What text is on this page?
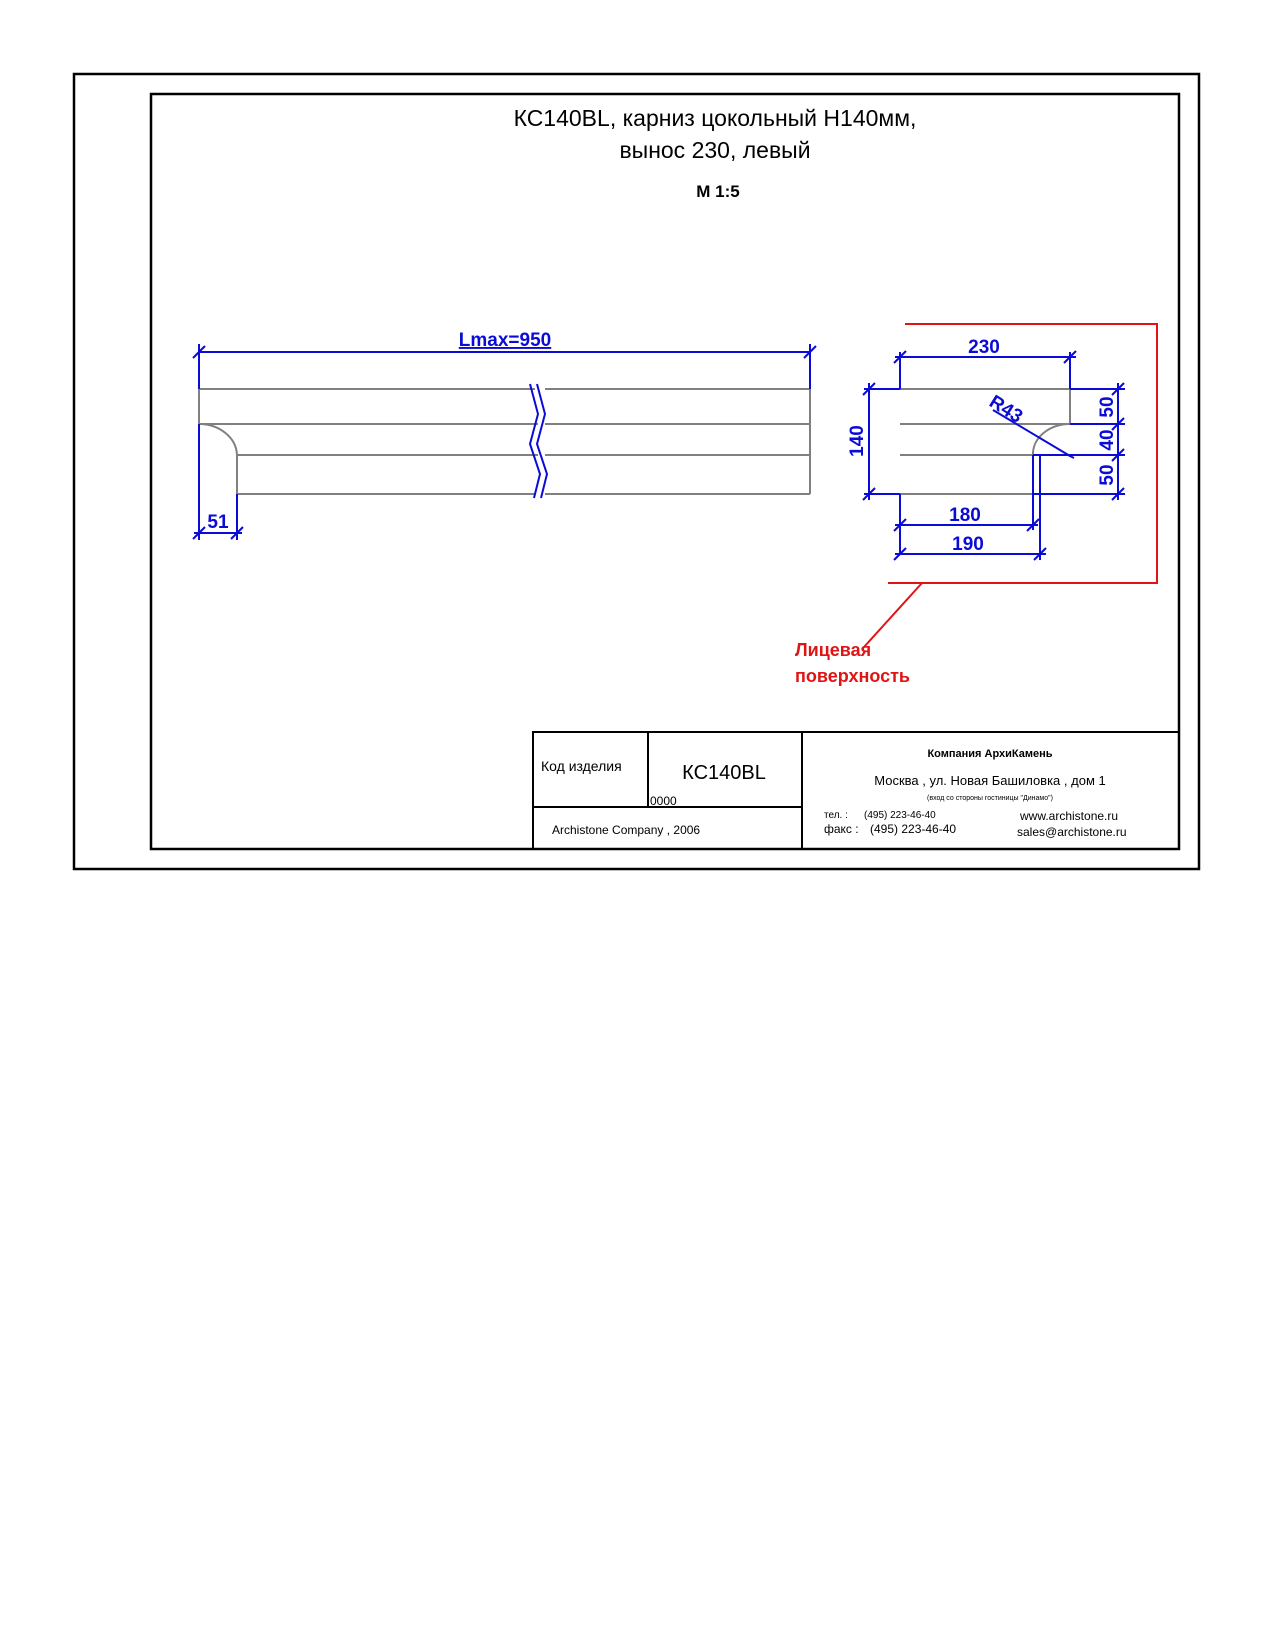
КС140BL, карниз цокольный Н140мм,
вынос 230, левый
М 1:5
Lmax=950
51
Лицевая
поверхность
230
R43
140
50
40
50
180
190
Код изделия	КС140BL
0000
Archistone Company , 2006
Компания АрхиКамень
Москва , ул. Новая Башиловка , дом 1
(вход со стороны гостиницы "Динамо")
тел. : (495) 223-46-40
факс : (495) 223-46-40
www.archistone.ru
sales@archistone.ru
